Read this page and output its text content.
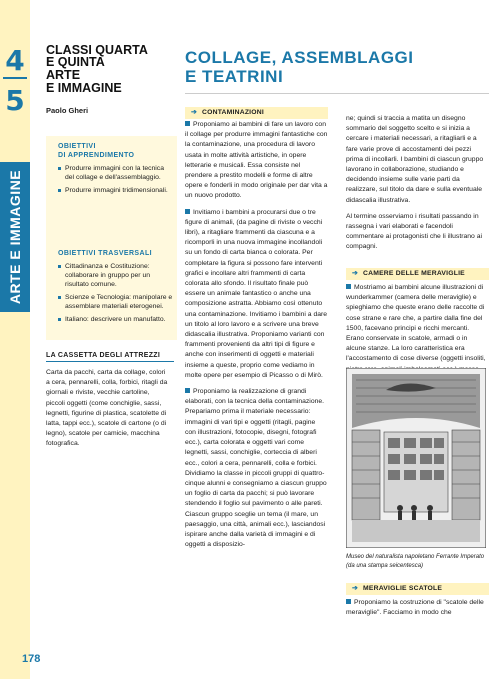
4
5
ARTE E IMMAGINE
178
CLASSI QUARTA
E QUINTA
ARTE
E IMMAGINE
Paolo Gheri
OBIETTIVI
DI APPRENDIMENTO
Produrre immagini con la tecnica del collage e dell'assemblaggio.
Produrre immagini tridimensionali.
OBIETTIVI TRASVERSALI
Cittadinanza e Costituzione: collaborare in gruppo per un risultato comune.
Scienze e Tecnologia: manipolare e assemblare materiali eterogenei.
Italiano: descrivere un manufatto.
LA CASSETTA DEGLI ATTREZZI
Carta da pacchi, carta da collage, colori a cera, pennarelli, colla, forbici, ritagli da giornali e riviste, vecchie cartoline, piccoli oggetti (come conchiglie, sassi, legnetti, figurine di plastica, scatolette di latta, tappi ecc.), scatole di cartone (o di legno), scatole per camicie, macchina fotografica.
COLLAGE, ASSEMBLAGGI
E TEATRINI
➔ CONTAMINAZIONI

Proponiamo ai bambini di fare un lavoro con il collage per produrre immagini fantastiche con la contaminazione, una procedura di lavoro usata in molte attività artistiche, in opere letterarie e musicali. Essa consiste nel prendere a prestito modelli e forme di altre opere e fonderli in modo originale per dar vita a un nuovo prodotto.

Invitiamo i bambini a procurarsi due o tre figure di animali, (da pagine di riviste o vecchi libri), a ritagliare frammenti da ciascuna e a ricomporli in una nuova immagine incollandoli su un fondo di carta bianca o colorata. Per completare la figura si possono fare interventi grafici e incollare altri frammenti di carta colorata allo sfondo. Il risultato finale può essere un animale fantastico o anche una composizione astratta. Abbiamo così ottenuto una contaminazione. Invitiamo i bambini a dare un titolo al loro lavoro e a scrivere una breve didascalia illustrativa. Proponiamo varianti con frammenti provenienti da altri tipi di figure e anche con inserimenti di oggetti e materiali insieme a queste, proprio come vediamo in molte opere per esempio di Picasso o di Mirò.

Proponiamo la realizzazione di grandi elaborati, con la tecnica della contaminazione. Prepariamo prima il materiale necessario: immagini di vari tipi e oggetti (ritagli, pagine con illustrazioni, fotocopie, disegni, fotografi ecc.), carta colorata e oggetti vari come legnetti, sassi, conchiglie, corteccia di alberi ecc., colori a cera, pennarelli, colla e forbici. Dividiamo la classe in piccoli gruppi di quattro-cinque alunni e consegniamo a ciascun gruppo un foglio di carta da pacchi; si può lavorare stendendo il foglio sul pavimento o alle pareti. Ciascun gruppo sceglie un tema (il mare, un paesaggio, una città, animali ecc.), lasciandosi ispirare anche dalla varietà di immagini e di oggetti a disposizio-

ne; quindi si traccia a matita un disegno sommario del soggetto scelto e si inizia a cercare i materiali necessari, a ritagliarli e a fare varie prove di accostamenti dei pezzi prima di incollarli. I bambini di ciascun gruppo lavorano in collaborazione, studiando e decidendo insieme sulle varie parti da realizzare, sul titolo da dare e sulla eventuale didascalia illustrativa.

Al termine osserviamo i risultati passando in rassegna i vari elaborati e facendoli commentare ai protagonisti che li illustrano ai compagni.

➔ CAMERE DELLE MERAVIGLIE

Mostriamo ai bambini alcune illustrazioni di wunderkammer (camera delle meraviglie) e spieghiamo che queste erano delle raccolte di cose strane e rare che, a partire dalla fine del 1500, facevano principi e ricchi mercanti. Erano conservate in scatole, armadi o in alcune stanze. La loro caratteristica era l'accostamento di cose diverse (oggetti insoliti,

Museo del naturalista napoletano Ferrante Imperato (da una stampa seicentesca)
➔ MERAVIGLIE SCATOLE

Proponiamo la costruzione di "scatole delle meraviglie". Facciamo in modo che
